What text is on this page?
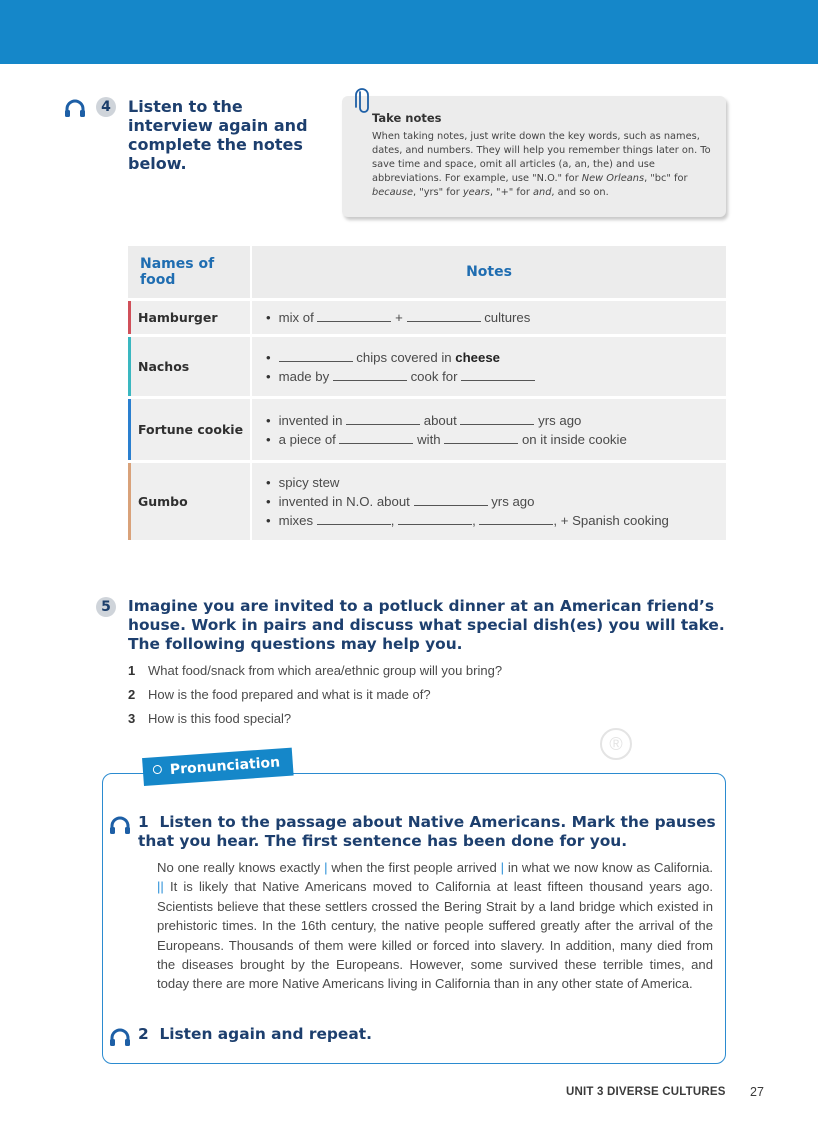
4	Listen to the interview again and complete the notes below.
Take notes
When taking notes, just write down the key words, such as names, dates, and numbers. They will help you remember things later on. To save time and space, omit all articles (a, an, the) and use abbreviations. For example, use "N.O." for New Orleans, "bc" for because, "yrs" for years, "+" for and, and so on.
Names of food	Notes
Hamburger	• mix of + cultures

Nachos	• chips covered in cheese
• made by cook for

Fortune cookie	• invented in about yrs ago
• a piece of with on it inside cookie

Gumbo	• spicy stew
• invented in N.O. about yrs ago
• mixes , , , + Spanish cooking
5	Imagine you are invited to a potluck dinner at an American friend’s house. Work in pairs and discuss what special dish(es) you will take. The following questions may help you.
1 What food/snack from which area/ethnic group will you bring?
2 How is the food prepared and what is it made of?
3 How is this food special?
®
Pronunciation
1 Listen to the passage about Native Americans. Mark the pauses that you hear. The first sentence has been done for you.
No one really knows exactly | when the first people arrived | in what we now know as California. || It is likely that Native Americans moved to California at least fifteen thousand years ago. Scientists believe that these settlers crossed the Bering Strait by a land bridge which existed in prehistoric times. In the 16th century, the native people suffered greatly after the arrival of the Europeans. Thousands of them were killed or forced into slavery. In addition, many died from the diseases brought by the Europeans. However, some survived these terrible times, and today there are more Native Americans living in California than in any other state of America.
2 Listen again and repeat.
UNIT 3 DIVERSE CULTURES 27
